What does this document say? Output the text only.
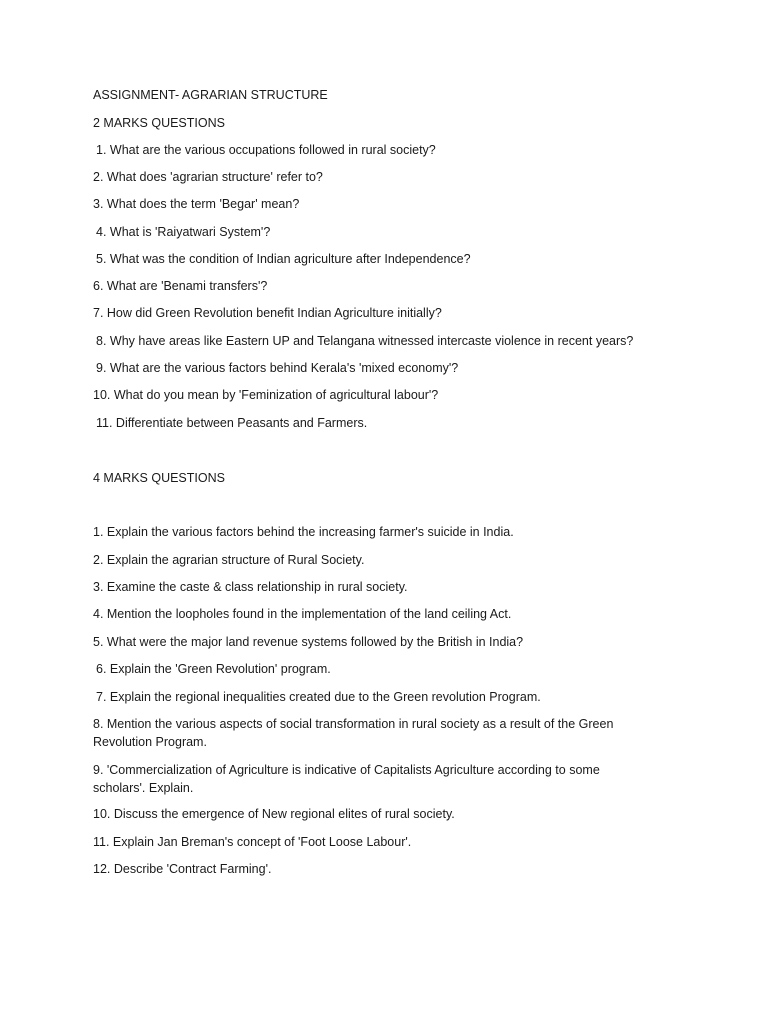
ASSIGNMENT- AGRARIAN STRUCTURE
2 MARKS QUESTIONS
1. What are the various occupations followed in rural society?
2. What does 'agrarian structure' refer to?
3. What does the term 'Begar' mean?
4. What is 'Raiyatwari System'?
5. What was the condition of Indian agriculture after Independence?
6. What are 'Benami transfers'?
7. How did Green Revolution benefit Indian Agriculture initially?
8. Why have areas like Eastern UP and Telangana witnessed intercaste violence in recent years?
9. What are the various factors behind Kerala's 'mixed economy'?
10. What do you mean by 'Feminization of agricultural labour'?
11. Differentiate between Peasants and Farmers.
4 MARKS QUESTIONS
1. Explain the various factors behind the increasing farmer's suicide in India.
2. Explain the agrarian structure of Rural Society.
3. Examine the caste & class relationship in rural society.
4. Mention the loopholes found in the implementation of the land ceiling Act.
5. What were the major land revenue systems followed by the British in India?
6. Explain the 'Green Revolution' program.
7. Explain the regional inequalities created due to the Green revolution Program.
8. Mention the various aspects of social transformation in rural society as a result of the Green Revolution Program.
9. 'Commercialization of Agriculture is indicative of Capitalists Agriculture according to some scholars'. Explain.
10. Discuss the emergence of New regional elites of rural society.
11. Explain Jan Breman's concept of 'Foot Loose Labour'.
12. Describe 'Contract Farming'.
